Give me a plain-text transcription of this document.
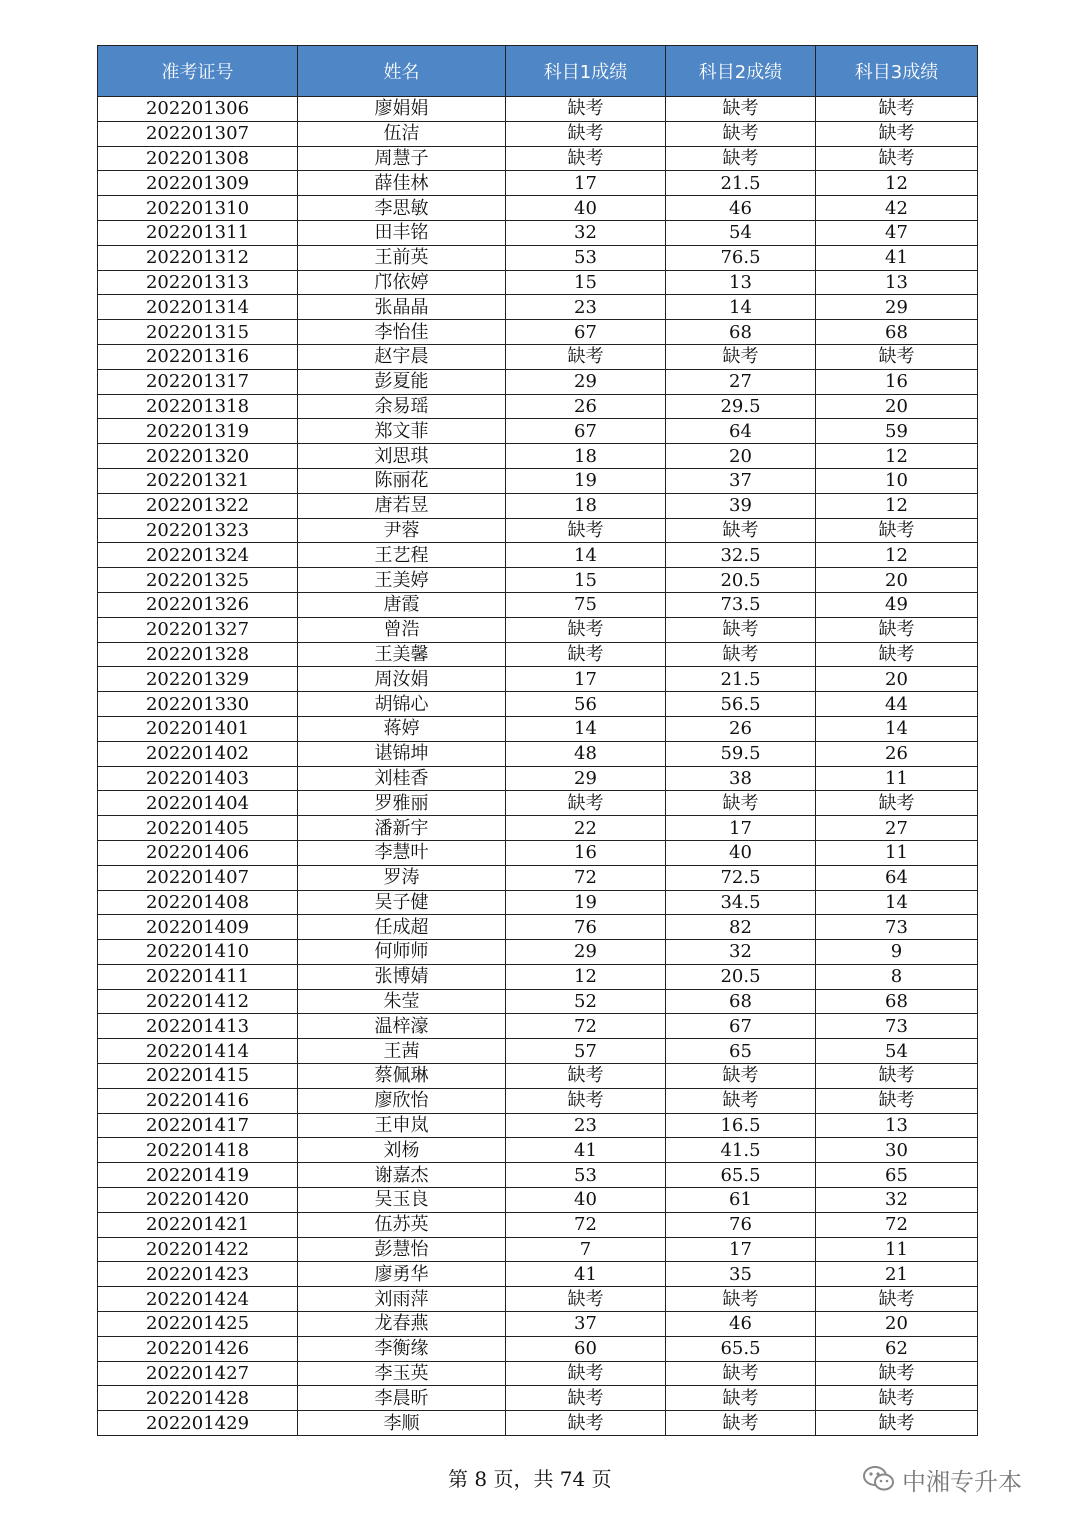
准考证号	姓名	科目1成绩	科目2成绩	科目3成绩
202201306	廖娟娟	缺考	缺考	缺考
202201307	伍洁	缺考	缺考	缺考
202201308	周慧子	缺考	缺考	缺考
202201309	薛佳林	17	21.5	12
202201310	李思敏	40	46	42
202201311	田丰铭	32	54	47
202201312	王前英	53	76.5	41
202201313	邝依婷	15	13	13
202201314	张晶晶	23	14	29
202201315	李怡佳	67	68	68
202201316	赵宇晨	缺考	缺考	缺考
202201317	彭夏能	29	27	16
202201318	余易瑶	26	29.5	20
202201319	郑文菲	67	64	59
202201320	刘思琪	18	20	12
202201321	陈丽花	19	37	10
202201322	唐若昱	18	39	12
202201323	尹蓉	缺考	缺考	缺考
202201324	王艺程	14	32.5	12
202201325	王美婷	15	20.5	20
202201326	唐霞	75	73.5	49
202201327	曾浩	缺考	缺考	缺考
202201328	王美馨	缺考	缺考	缺考
202201329	周汝娟	17	21.5	20
202201330	胡锦心	56	56.5	44
202201401	蒋婷	14	26	14
202201402	谌锦坤	48	59.5	26
202201403	刘桂香	29	38	11
202201404	罗雅丽	缺考	缺考	缺考
202201405	潘新宇	22	17	27
202201406	李慧叶	16	40	11
202201407	罗涛	72	72.5	64
202201408	吴子健	19	34.5	14
202201409	任成超	76	82	73
202201410	何师师	29	32	9
202201411	张博婧	12	20.5	8
202201412	朱莹	52	68	68
202201413	温梓濠	72	67	73
202201414	王茜	57	65	54
202201415	蔡佩琳	缺考	缺考	缺考
202201416	廖欣怡	缺考	缺考	缺考
202201417	王申岚	23	16.5	13
202201418	刘杨	41	41.5	30
202201419	谢嘉杰	53	65.5	65
202201420	吴玉良	40	61	32
202201421	伍苏英	72	76	72
202201422	彭慧怡	7	17	11
202201423	廖勇华	41	35	21
202201424	刘雨萍	缺考	缺考	缺考
202201425	龙春燕	37	46	20
202201426	李衡缘	60	65.5	62
202201427	李玉英	缺考	缺考	缺考
202201428	李晨昕	缺考	缺考	缺考
202201429	李顺	缺考	缺考	缺考
第 8 页，共 74 页	中湘专升本
